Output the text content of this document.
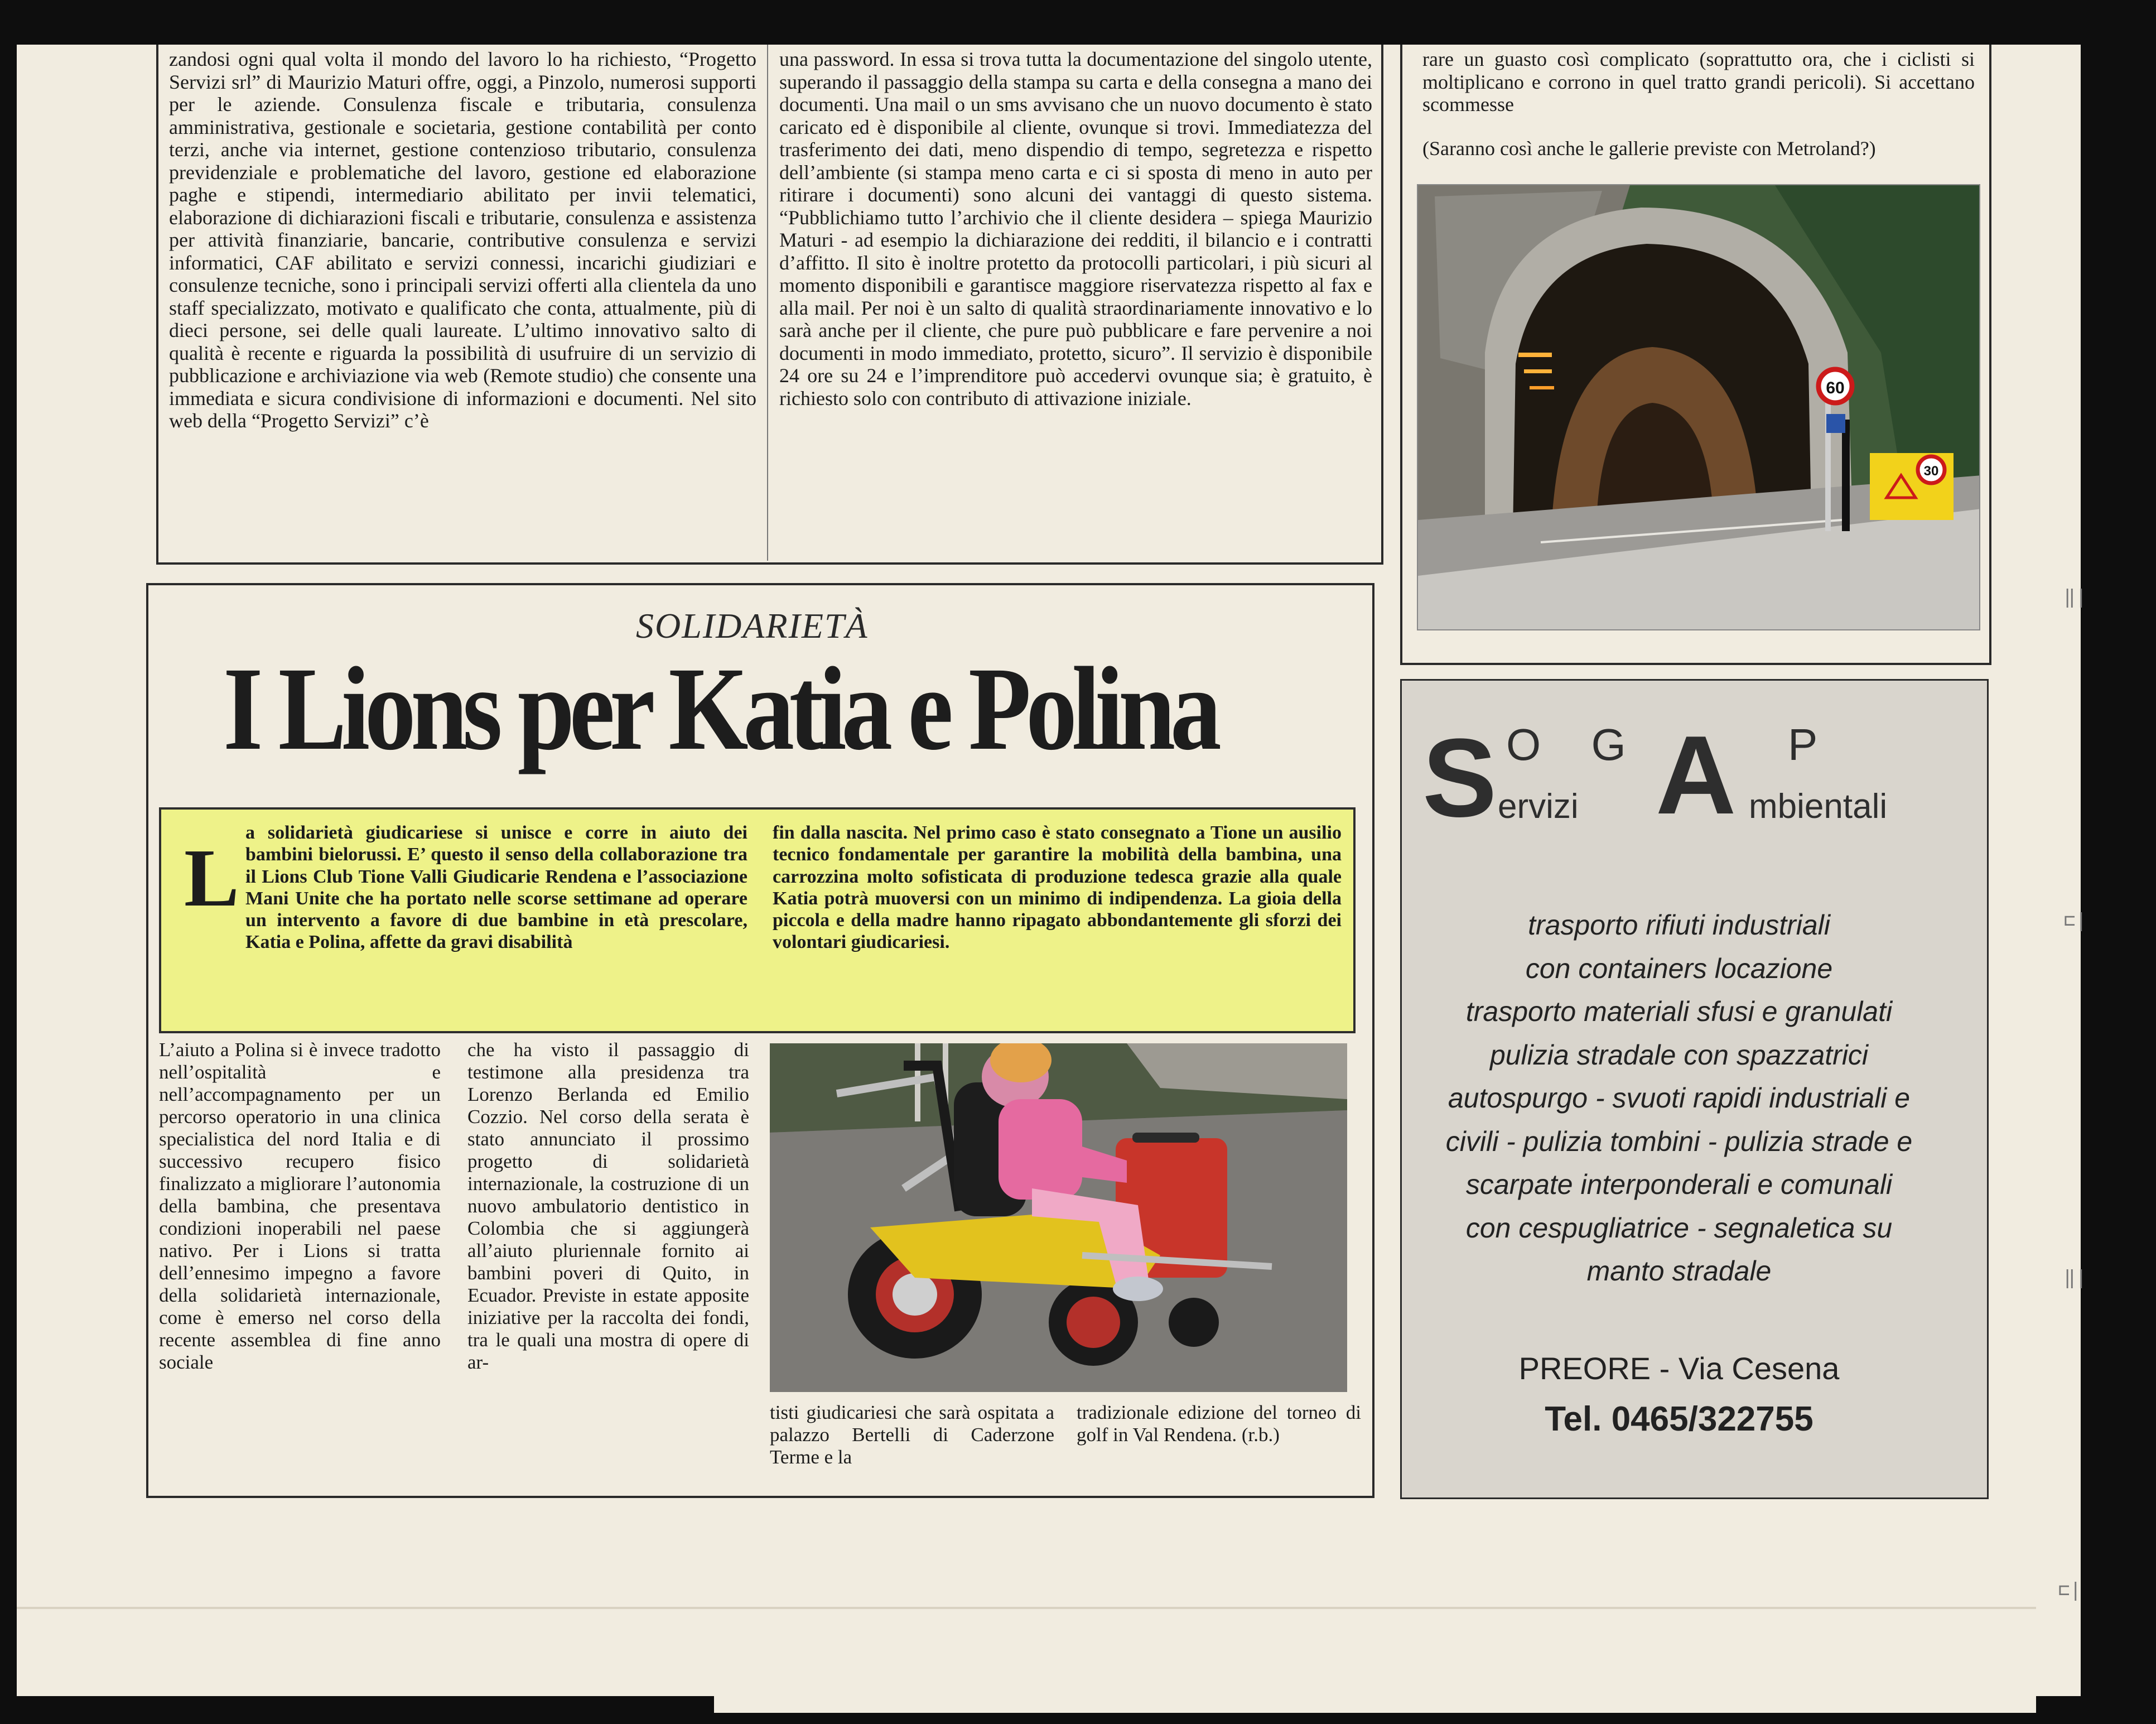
zandosi ogni qual volta il mondo del lavoro lo ha richiesto, “Progetto Servizi srl” di Maurizio Maturi offre, oggi, a Pinzolo, numerosi supporti per le aziende. Consulenza fiscale e tributaria, consulenza amministrativa, gestionale e societaria, gestione contabilità per conto terzi, anche via internet, gestione contenzioso tributario, consulenza previdenziale e problematiche del lavoro, gestione ed elaborazione paghe e stipendi, intermediario abilitato per invii telematici, elaborazione di dichiarazioni fiscali e tributarie, consulenza e assistenza per attività finanziarie, bancarie, contributive consulenza e servizi informatici, CAF abilitato e servizi connessi, incarichi giudiziari e consulenze tecniche, sono i principali servizi offerti alla clientela da uno staff specializzato, motivato e qualificato che conta, attualmente, più di dieci persone, sei delle quali laureate. L’ultimo innovativo salto di qualità è recente e riguarda la possibilità di usufruire di un servizio di pubblicazione e archiviazione via web (Remote studio) che consente una immediata e sicura condivisione di informazioni e documenti. Nel sito web della “Progetto Servizi” c’è

una password. In essa si trova tutta la documentazione del singolo utente, superando il passaggio della stampa su carta e della consegna a mano dei documenti. Una mail o un sms avvisano che un nuovo documento è stato caricato ed è disponibile al cliente, ovunque si trovi. Immediatezza del trasferimento dei dati, meno dispendio di tempo, segretezza e rispetto dell’ambiente (si stampa meno carta e ci si sposta di meno in auto per ritirare i documenti) sono alcuni dei vantaggi di questo sistema. “Pubblichiamo tutto l’archivio che il cliente desidera – spiega Maurizio Maturi - ad esempio la dichiarazione dei redditi, il bilancio e i contratti d’affitto. Il sito è inoltre protetto da protocolli particolari, i più sicuri al momento disponibili e garantisce maggiore riservatezza rispetto al fax e alla mail. Per noi è un salto di qualità straordinariamente innovativo e lo sarà anche per il cliente, che pure può pubblicare e fare pervenire a noi documenti in modo immediato, protetto, sicuro”. Il servizio è disponibile 24 ore su 24 e l’imprenditore può accedervi ovunque sia; è gratuito, è richiesto solo con contributo di attivazione iniziale.

rare un guasto così complicato (soprattutto ora, che i ciclisti si moltiplicano e corrono in quel tratto grandi pericoli). Si accettano scommesse

(Saranno così anche le gallerie previste con Metroland?)

60
30
SOLIDARIETÀ
I Lions per Katia e Polina
L a solidarietà giudicariese si unisce e corre in aiuto dei bambini bielorussi. E’ questo il senso della collaborazione tra il Lions Club Tione Valli Giudicarie Rendena e l’associazione Mani Unite che ha portato nelle scorse settimane ad operare un intervento a favore di due bambine in età prescolare, Katia e Polina, affette da gravi disabilità

fin dalla nascita. Nel primo caso è stato consegnato a Tione un ausilio tecnico fondamentale per garantire la mobilità della bambina, una carrozzina molto sofisticata di produzione tedesca grazie alla quale Katia potrà muoversi con un minimo di indipendenza. La gioia della piccola e della madre hanno ripagato abbondantemente gli sforzi dei volontari giudicariesi.

L’aiuto a Polina si è invece tradotto nell’ospitalità e nell’accompagnamento per un percorso operatorio in una clinica specialistica del nord Italia e di successivo recupero fisico finalizzato a migliorare l’autonomia della bambina, che presentava condizioni inoperabili nel paese nativo. Per i Lions si tratta dell’ennesimo impegno a favore della solidarietà internazionale, come è emerso nel corso della recente assemblea di fine anno sociale

che ha visto il passaggio di testimone alla presidenza tra Lorenzo Berlanda ed Emilio Cozzio. Nel corso della serata è stato annunciato il prossimo progetto di solidarietà internazionale, la costruzione di un nuovo ambulatorio dentistico in Colombia che si aggiungerà all’aiuto pluriennale fornito ai bambini poveri di Quito, in Ecuador. Previste in estate apposite iniziative per la raccolta dei fondi, tra le quali una mostra di opere di ar-

tisti giudicariesi che sarà ospitata a palazzo Bertelli di Caderzone Terme e la

tradizionale edizione del torneo di golf in Val Rendena. (r.b.)

S O G
ervizi A P
mbientali
trasporto rifiuti industriali
con containers locazione
trasporto materiali sfusi e granulati
pulizia stradale con spazzatrici
autospurgo - svuoti rapidi industriali e
civili - pulizia tombini - pulizia strade e
scarpate interponderali e comunali
con cespugliatrice - segnaletica su
manto stradale
PREORE - Via Cesena
Tel. 0465/322755
‖|
⊏|
‖|
⊏|
